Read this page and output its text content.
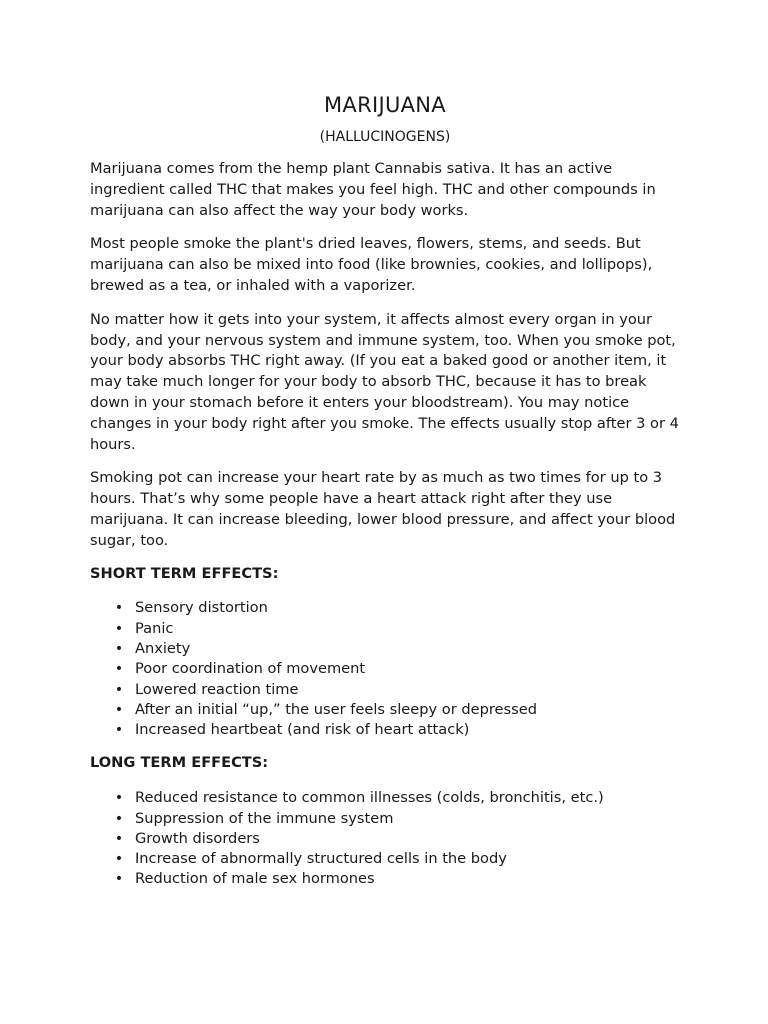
MARIJUANA

(HALLUCINOGENS)

Marijuana comes from the hemp plant Cannabis sativa. It has an active ingredient called THC that makes you feel high. THC and other compounds in marijuana can also affect the way your body works.

Most people smoke the plant's dried leaves, flowers, stems, and seeds. But marijuana can also be mixed into food (like brownies, cookies, and lollipops), brewed as a tea, or inhaled with a vaporizer.

No matter how it gets into your system, it affects almost every organ in your body, and your nervous system and immune system, too. When you smoke pot, your body absorbs THC right away. (If you eat a baked good or another item, it may take much longer for your body to absorb THC, because it has to break down in your stomach before it enters your bloodstream). You may notice changes in your body right after you smoke. The effects usually stop after 3 or 4 hours.

Smoking pot can increase your heart rate by as much as two times for up to 3 hours. That’s why some people have a heart attack right after they use marijuana. It can increase bleeding, lower blood pressure, and affect your blood sugar, too.

SHORT TERM EFFECTS:
• Sensory distortion
• Panic
• Anxiety
• Poor coordination of movement
• Lowered reaction time
• After an initial “up,” the user feels sleepy or depressed
• Increased heartbeat (and risk of heart attack)
LONG TERM EFFECTS:
• Reduced resistance to common illnesses (colds, bronchitis, etc.)
• Suppression of the immune system
• Growth disorders
• Increase of abnormally structured cells in the body
• Reduction of male sex hormones
